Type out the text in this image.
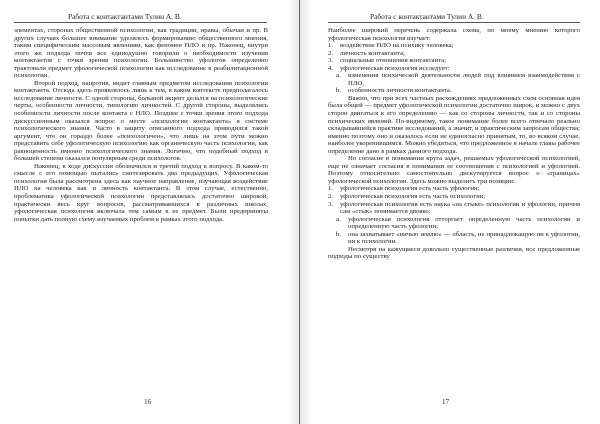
Работа с контактантами Тулин А. В.

элементах, сторонах общественной психологии, как традиции, нравы, обычаи и пр. В других случаях большее внимание уделялось формированию общественного мнения, таким специфическим массовым явлениям, как феномен НЛО и пр. Наконец, внутри этого же подхода почти все единодушно говорили о необходимости изучения контактантов с точки зрения психологии. Большинство уфологов определенно трактовали предмет уфологической психологии как исследование в реабилитационной психологии.

Второй подход, напротив, видит главным предметом исследования психологии контактанта. Отсюда здесь проявлялось лишь к тем, в каком контексте предполагалось исследование личности. С одной стороны, большой акцент делался на психологические черты, особенности личности, типологию личностей. С другой стороны, выделялись особенности личности после контакта с НЛО. Позднее с точки зрения этого подхода дискуссионным оказался вопрос о месте «психологии контактанта» в системе психологического знания. Часто в защиту описанного подхода приводился такой аргумент, что он гораздо более «психологичен», что лишь на этом пути можно представить себе уфологическую психологию как органическую часть психологии, как равноценность именно психологического знания. Логично, что подобный подход в большей степени оказался популярным среди психологов.

Наконец, в ходе дискуссии обозначился и третий подход к вопросу. В каком-то смысле с его помощью пытались синтезировать два предыдущих. Уфологическая психология была рассмотрена здесь как научное направление, изучающая воздействие НЛО на человека как и личность контактанта. В этом случае, естественно, проблематика уфологической психологии представлялась достаточно широкой, практически весь круг вопросов, рассматривавшихся в различных школах, уфологическая психология включала тем самым в ее предмет. Были предприняты попытки дать полную схему изучаемых проблем в рамках этого подхода.

16
Работа с контактантами Тулин А. В.

Наиболее широкий перечень содержала схема, по моему мнению которого уфологическая психология изучает:

1. воздействие НЛО на психику человека;
2. личность контактанта;
3. социальные отношения контактанта;
4. уфологическая психология исследует:
a. изменения психической деятельности людей под влиянием взаимодействия с НЛО,
b. особенности личности контактанта.

Важно, что при всех частных расхождениях предложенных схем основная идея была общей — предмет уфологической психологии достаточно широк, и можно с двух сторон двигаться к его определению — как со стороны личности, так и со стороны психических явлений. По-видимому, такое понимание более всего отвечало реально складывавшейся практике исследований, а значит, и практическим запросам общества; именно поэтому оно и оказалось если не единогласно принятым, то, во всяком случае, наиболее укоренившимся. Можно убедиться, что предложенное в начале главы рабочее определение дано в рамках данного подхода.

Но согласие в понимании круга задач, решаемых уфологической психологией, еще не означает согласия в понимании ее соотношения с психологией и уфологией. Поэтому относительно самостоятельно дискутируется вопрос о «границах» уфологической психологии. Здесь можно выделить три позиции:

1. уфологическая психология есть часть уфологии;
2. уфологическая психология есть часть психологии;
3. уфологическая психология есть наука «на стыке» психологии и уфологии, причем сам «стык» понимается двояко:
a. уфологическая психология отторгает определенную часть психологии и определенную часть уфологии;
b. она захватывает «ничью землю» — область, не принадлежащую ни к уфологии, ни к психологии.

Несмотря на кажущиеся довольно существенные различия, все предложенные подходы по существу

17
